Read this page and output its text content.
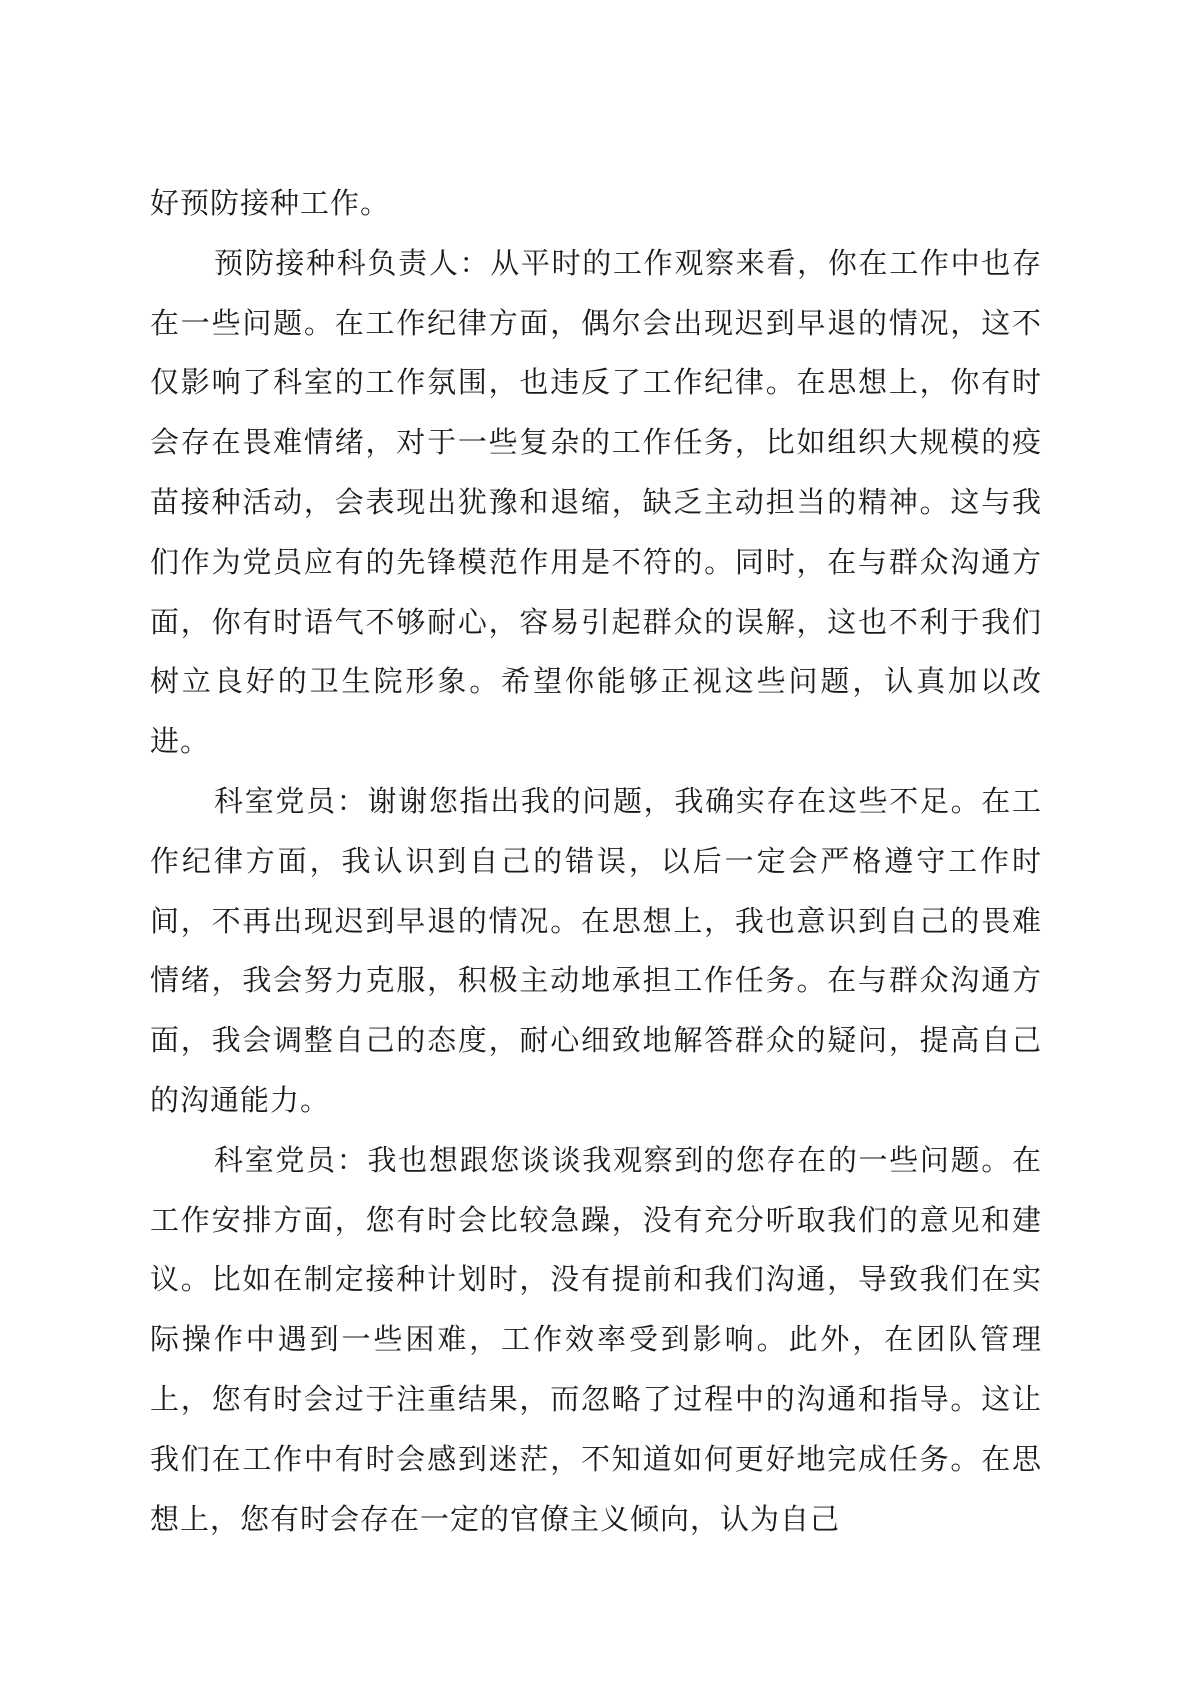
好预防接种工作。

预防接种科负责人：从平时的工作观察来看，你在工作中也存在一些问题。在工作纪律方面，偶尔会出现迟到早退的情况，这不仅影响了科室的工作氛围，也违反了工作纪律。在思想上，你有时会存在畏难情绪，对于一些复杂的工作任务，比如组织大规模的疫苗接种活动，会表现出犹豫和退缩，缺乏主动担当的精神。这与我们作为党员应有的先锋模范作用是不符的。同时，在与群众沟通方面，你有时语气不够耐心，容易引起群众的误解，这也不利于我们树立良好的卫生院形象。希望你能够正视这些问题，认真加以改进。

科室党员：谢谢您指出我的问题，我确实存在这些不足。在工作纪律方面，我认识到自己的错误，以后一定会严格遵守工作时间，不再出现迟到早退的情况。在思想上，我也意识到自己的畏难情绪，我会努力克服，积极主动地承担工作任务。在与群众沟通方面，我会调整自己的态度，耐心细致地解答群众的疑问，提高自己的沟通能力。

科室党员：我也想跟您谈谈我观察到的您存在的一些问题。在工作安排方面，您有时会比较急躁，没有充分听取我们的意见和建议。比如在制定接种计划时，没有提前和我们沟通，导致我们在实际操作中遇到一些困难，工作效率受到影响。此外，在团队管理上，您有时会过于注重结果，而忽略了过程中的沟通和指导。这让我们在工作中有时会感到迷茫，不知道如何更好地完成任务。在思想上，您有时会存在一定的官僚主义倾向，认为自己
